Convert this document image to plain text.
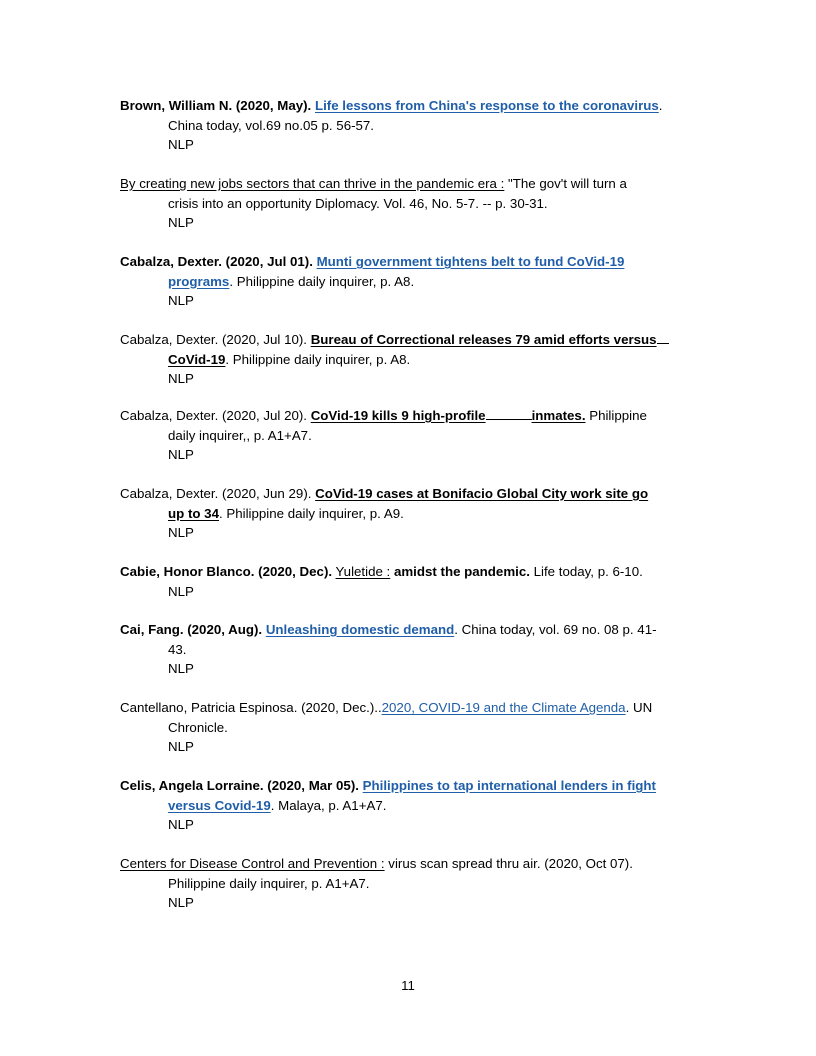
Brown, William N. (2020, May). Life lessons from China's response to the coronavirus.
China today, vol.69 no.05 p. 56-57.
NLP
By creating new jobs sectors that can thrive in the pandemic era : "The gov't will turn a
crisis into an opportunity Diplomacy. Vol. 46, No. 5-7. -- p. 30-31.
NLP
Cabalza, Dexter. (2020, Jul 01). Munti government tightens belt to fund CoVid-19
programs. Philippine daily inquirer, p. A8.
NLP
Cabalza, Dexter. (2020, Jul 10). Bureau of Correctional releases 79 amid efforts versus
CoVid-19. Philippine daily inquirer, p. A8.
NLP
Cabalza, Dexter. (2020, Jul 20). CoVid-19 kills 9 high-profile	inmates. Philippine
daily inquirer,, p. A1+A7.
NLP
Cabalza, Dexter. (2020, Jun 29). CoVid-19 cases at Bonifacio Global City work site go
up to 34. Philippine daily inquirer, p. A9.
NLP
Cabie, Honor Blanco. (2020, Dec). Yuletide : amidst the pandemic. Life today, p. 6-10.
NLP
Cai, Fang. (2020, Aug). Unleashing domestic demand. China today, vol. 69 no. 08 p. 41-
43.
NLP
Cantellano, Patricia Espinosa. (2020, Dec.)..2020, COVID-19 and the Climate Agenda. UN
Chronicle.
NLP
Celis, Angela Lorraine. (2020, Mar 05). Philippines to tap international lenders in fight
versus Covid-19. Malaya, p. A1+A7.
NLP
Centers for Disease Control and Prevention : virus scan spread thru air. (2020, Oct 07).
Philippine daily inquirer, p. A1+A7.
NLP
11
